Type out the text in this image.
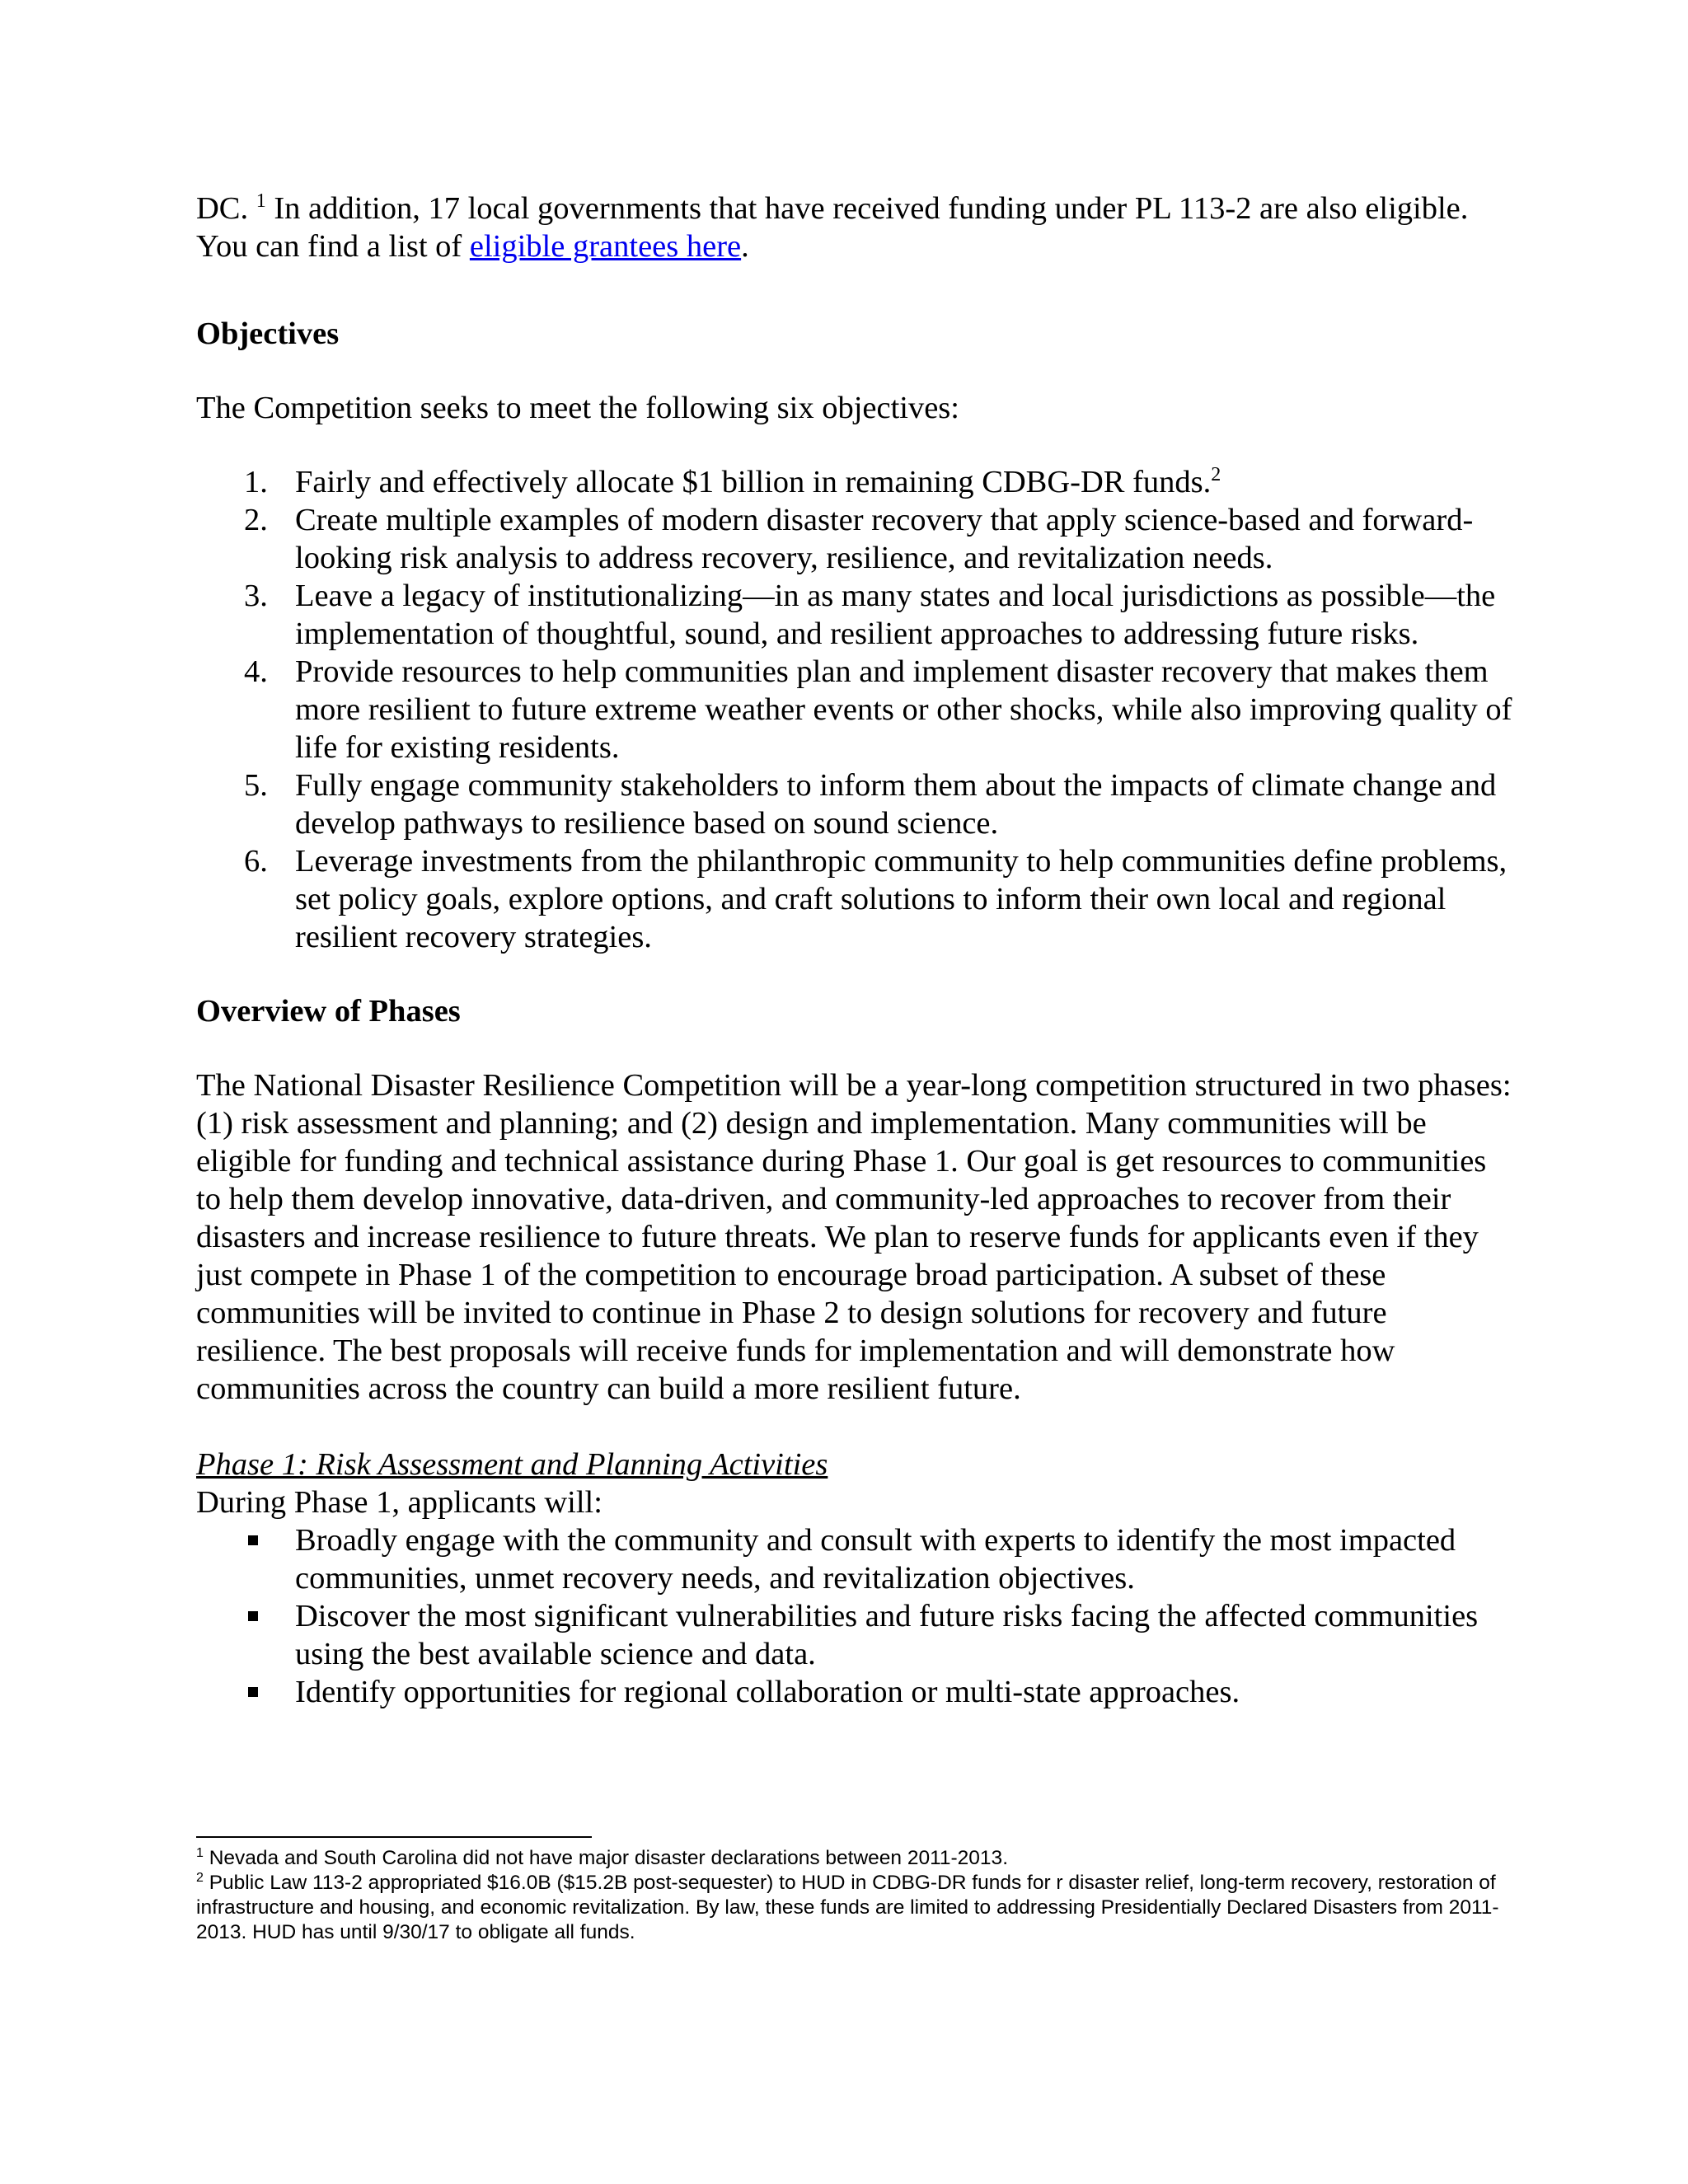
DC. $^1$ In addition, 17 local governments that have received funding under PL 113-2 are also eligible. You can find a list of eligible grantees here.

Objectives

The Competition seeks to meet the following six objectives:

1. Fairly and effectively allocate $1 billion in remaining CDBG-DR funds.$^2$
2. Create multiple examples of modern disaster recovery that apply science-based and forward-looking risk analysis to address recovery, resilience, and revitalization needs.
3. Leave a legacy of institutionalizing—in as many states and local jurisdictions as possible—the implementation of thoughtful, sound, and resilient approaches to addressing future risks.
4. Provide resources to help communities plan and implement disaster recovery that makes them more resilient to future extreme weather events or other shocks, while also improving quality of life for existing residents.
5. Fully engage community stakeholders to inform them about the impacts of climate change and develop pathways to resilience based on sound science.
6. Leverage investments from the philanthropic community to help communities define problems, set policy goals, explore options, and craft solutions to inform their own local and regional resilient recovery strategies.
Overview of Phases

The National Disaster Resilience Competition will be a year-long competition structured in two phases: (1) risk assessment and planning; and (2) design and implementation. Many communities will be eligible for funding and technical assistance during Phase 1. Our goal is get resources to communities to help them develop innovative, data-driven, and community-led approaches to recover from their disasters and increase resilience to future threats. We plan to reserve funds for applicants even if they just compete in Phase 1 of the competition to encourage broad participation. A subset of these communities will be invited to continue in Phase 2 to design solutions for recovery and future resilience. The best proposals will receive funds for implementation and will demonstrate how communities across the country can build a more resilient future.

Phase 1: Risk Assessment and Planning Activities

During Phase 1, applicants will:

Broadly engage with the community and consult with experts to identify the most impacted communities, unmet recovery needs, and revitalization objectives.
Discover the most significant vulnerabilities and future risks facing the affected communities using the best available science and data.
Identify opportunities for regional collaboration or multi-state approaches.

$^1$ Nevada and South Carolina did not have major disaster declarations between 2011-2013.

$^2$ Public Law 113-2 appropriated $16.0B ($15.2B post-sequester) to HUD in CDBG-DR funds for r disaster relief, long-term recovery, restoration of infrastructure and housing, and economic revitalization. By law, these funds are limited to addressing Presidentially Declared Disasters from 2011-2013. HUD has until 9/30/17 to obligate all funds.
